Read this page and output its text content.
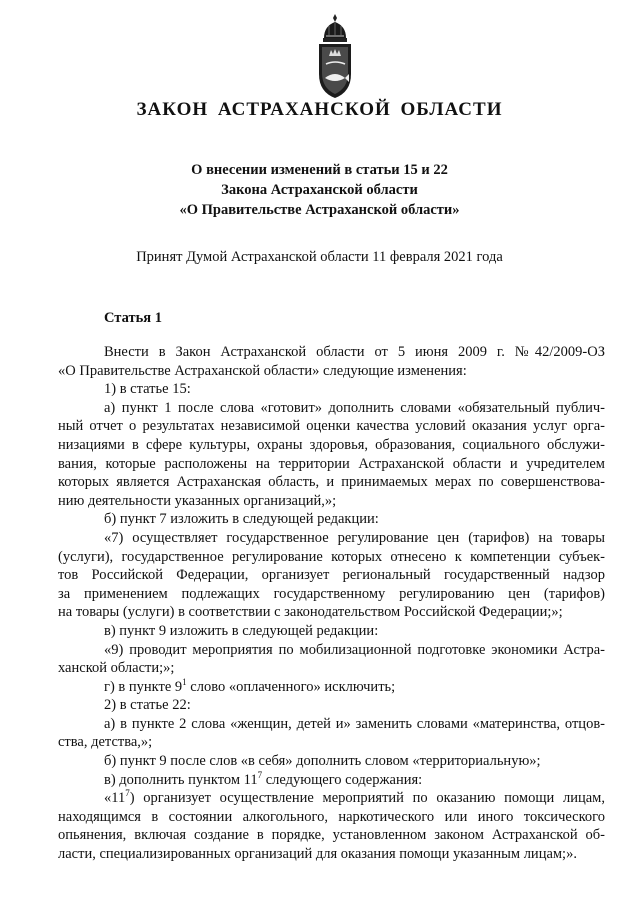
ЗАКОН АСТРАХАНСКОЙ ОБЛАСТИ
О внесении изменений в статьи 15 и 22
Закона Астраханской области
«О Правительстве Астраханской области»
Принят Думой Астраханской области 11 февраля 2021 года
Статья 1
Внести в Закон Астраханской области от 5 июня 2009 г. №42/2009-ОЗ
«О Правительстве Астраханской области» следующие изменения:
1) в статье 15:
а) пункт 1 после слова «готовит» дополнить словами «обязательный публич-
ный отчет о результатах независимой оценки качества условий оказания услуг орга-
низациями в сфере культуры, охраны здоровья, образования, социального обслужи-
вания, которые расположены на территории Астраханской области и учредителем
которых является Астраханская область, и принимаемых мерах по совершенствова-
нию деятельности указанных организаций,»;
б) пункт 7 изложить в следующей редакции:
«7) осуществляет государственное регулирование цен (тарифов) на товары
(услуги), государственное регулирование которых отнесено к компетенции субъек-
тов Российской Федерации, организует региональный государственный надзор
за применением подлежащих государственному регулированию цен (тарифов)
на товары (услуги) в соответствии с законодательством Российской Федерации;»;
в) пункт 9 изложить в следующей редакции:
«9) проводит мероприятия по мобилизационной подготовке экономики Астра-
ханской области;»;
г) в пункте $9^1$ слово «оплаченного» исключить;
2) в статье 22:
а) в пункте 2 слова «женщин, детей и» заменить словами «материнства, отцов-
ства, детства,»;
б) пункт 9 после слов «в себя» дополнить словом «территориальную»;
в) дополнить пунктом $11^7$ следующего содержания:
«$11^7$) организует осуществление мероприятий по оказанию помощи лицам,
находящимся в состоянии алкогольного, наркотического или иного токсического
опьянения, включая создание в порядке, установленном законом Астраханской об-
ласти, специализированных организаций для оказания помощи указанным лицам;».
